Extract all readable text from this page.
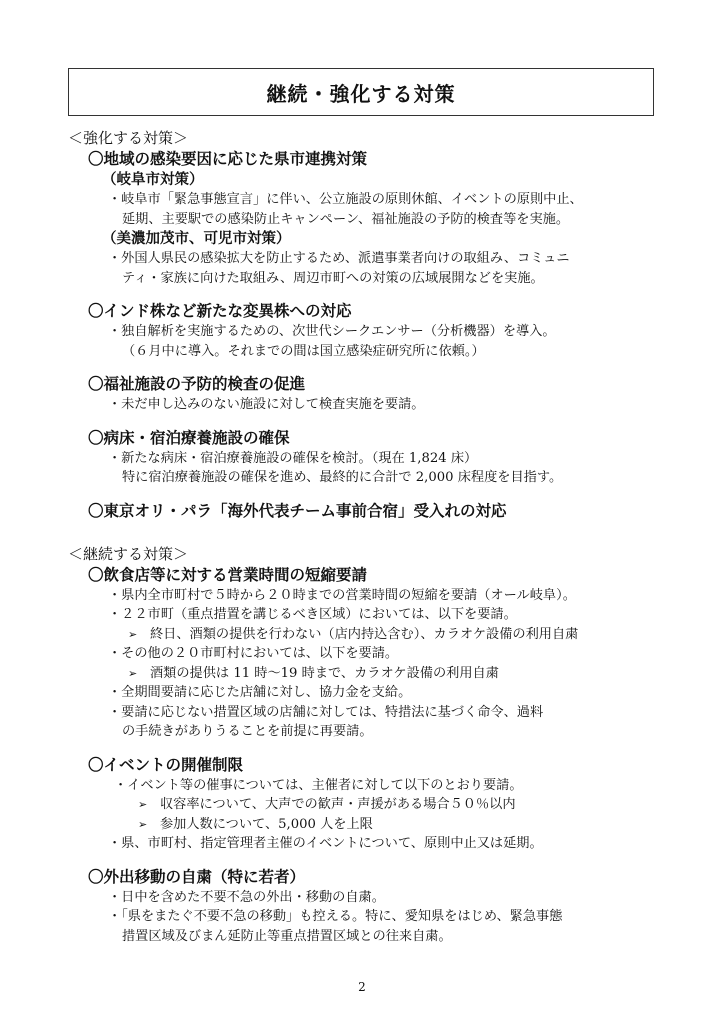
継続・強化する対策
＜強化する対策＞
〇地域の感染要因に応じた県市連携対策
（岐阜市対策）
・岐阜市「緊急事態宣言」に伴い、公立施設の原則休館、イベントの原則中止、
延期、主要駅での感染防止キャンペーン、福祉施設の予防的検査等を実施。
（美濃加茂市、可児市対策）
・外国人県民の感染拡大を防止するため、派遣事業者向けの取組み、コミュニ
ティ・家族に向けた取組み、周辺市町への対策の広域展開などを実施。
〇インド株など新たな変異株への対応
・独自解析を実施するための、次世代シークエンサー（分析機器）を導入。
（６月中に導入。それまでの間は国立感染症研究所に依頼。）
〇福祉施設の予防的検査の促進
・未だ申し込みのない施設に対して検査実施を要請。
〇病床・宿泊療養施設の確保
・新たな病床・宿泊療養施設の確保を検討。（現在 1,824 床）
特に宿泊療養施設の確保を進め、最終的に合計で 2,000 床程度を目指す。
〇東京オリ・パラ「海外代表チーム事前合宿」受入れの対応
＜継続する対策＞
〇飲食店等に対する営業時間の短縮要請
・県内全市町村で５時から２０時までの営業時間の短縮を要請（オール岐阜）。
・２２市町（重点措置を講じるべき区域）においては、以下を要請。
➢ 終日、酒類の提供を行わない（店内持込含む）、カラオケ設備の利用自粛
・その他の２０市町村においては、以下を要請。
➢ 酒類の提供は 11 時～19 時まで、カラオケ設備の利用自粛
・全期間要請に応じた店舗に対し、協力金を支給。
・要請に応じない措置区域の店舗に対しては、特措法に基づく命令、過料
の手続きがありうることを前提に再要請。
〇イベントの開催制限
・イベント等の催事については、主催者に対して以下のとおり要請。
➢ 収容率について、大声での歓声・声援がある場合５０％以内
➢ 参加人数について、5,000 人を上限
・県、市町村、指定管理者主催のイベントについて、原則中止又は延期。
〇外出移動の自粛（特に若者）
・日中を含めた不要不急の外出・移動の自粛。
・「県をまたぐ不要不急の移動」も控える。特に、愛知県をはじめ、緊急事態
措置区域及びまん延防止等重点措置区域との往来自粛。
2
